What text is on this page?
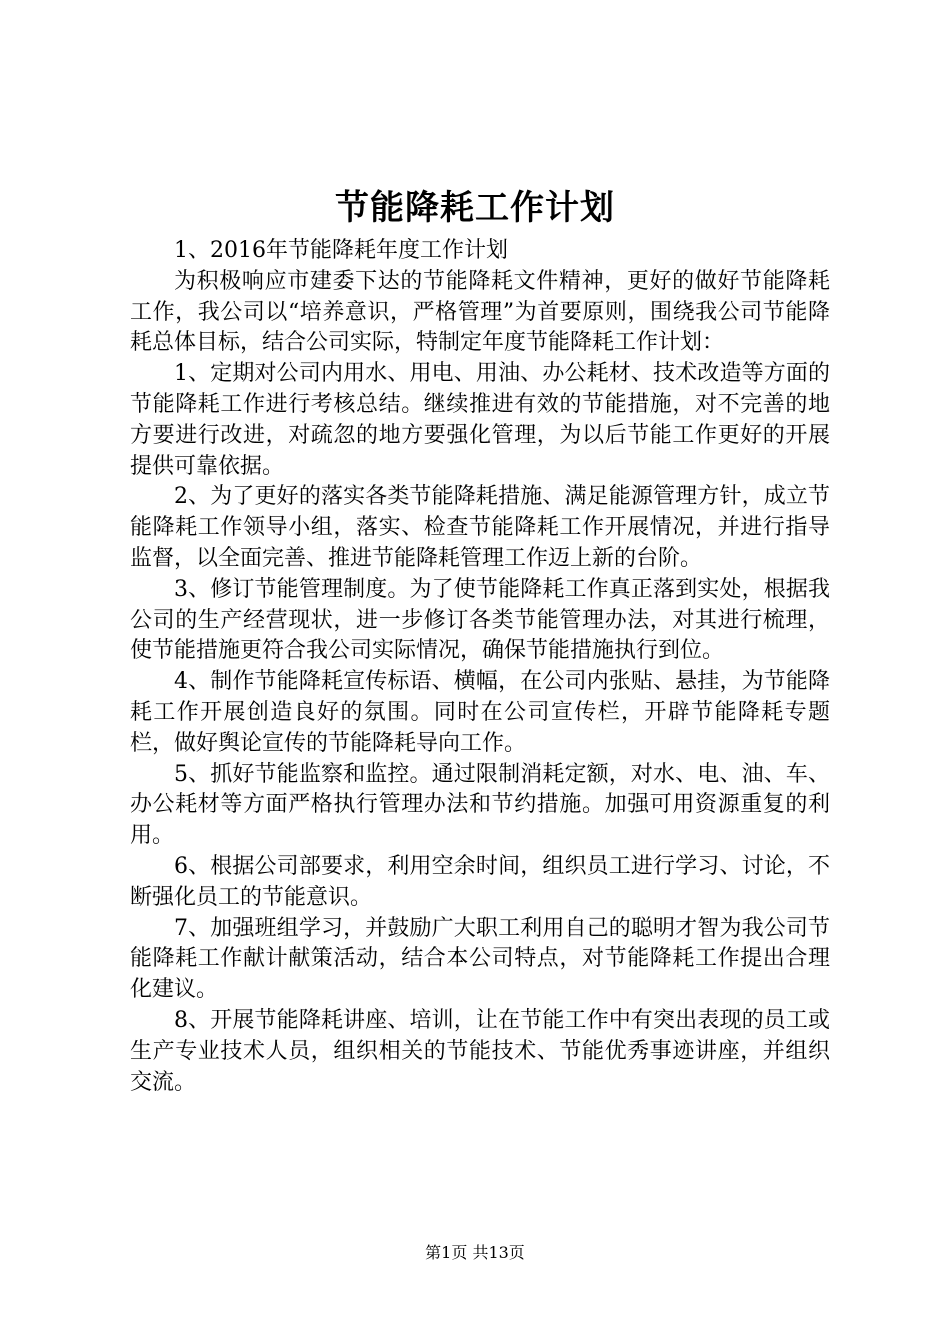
节能降耗工作计划

1、2016年节能降耗年度工作计划

为积极响应市建委下达的节能降耗文件精神，更好的做好节能降耗工作，我公司以“培养意识，严格管理”为首要原则，围绕我公司节能降耗总体目标，结合公司实际，特制定年度节能降耗工作计划：

1、定期对公司内用水、用电、用油、办公耗材、技术改造等方面的节能降耗工作进行考核总结。继续推进有效的节能措施，对不完善的地方要进行改进，对疏忽的地方要强化管理，为以后节能工作更好的开展提供可靠依据。

2、为了更好的落实各类节能降耗措施、满足能源管理方针，成立节能降耗工作领导小组，落实、检查节能降耗工作开展情况，并进行指导监督，以全面完善、推进节能降耗管理工作迈上新的台阶。

3、修订节能管理制度。为了使节能降耗工作真正落到实处，根据我公司的生产经营现状，进一步修订各类节能管理办法，对其进行梳理，使节能措施更符合我公司实际情况，确保节能措施执行到位。

4、制作节能降耗宣传标语、横幅，在公司内张贴、悬挂，为节能降耗工作开展创造良好的氛围。同时在公司宣传栏，开辟节能降耗专题栏，做好舆论宣传的节能降耗导向工作。

5、抓好节能监察和监控。通过限制消耗定额，对水、电、油、车、办公耗材等方面严格执行管理办法和节约措施。加强可用资源重复的利用。

6、根据公司部要求，利用空余时间，组织员工进行学习、讨论，不断强化员工的节能意识。

7、加强班组学习，并鼓励广大职工利用自己的聪明才智为我公司节能降耗工作献计献策活动，结合本公司特点，对节能降耗工作提出合理化建议。

8、开展节能降耗讲座、培训，让在节能工作中有突出表现的员工或生产专业技术人员，组织相关的节能技术、节能优秀事迹讲座，并组织交流。

第1页 共13页
